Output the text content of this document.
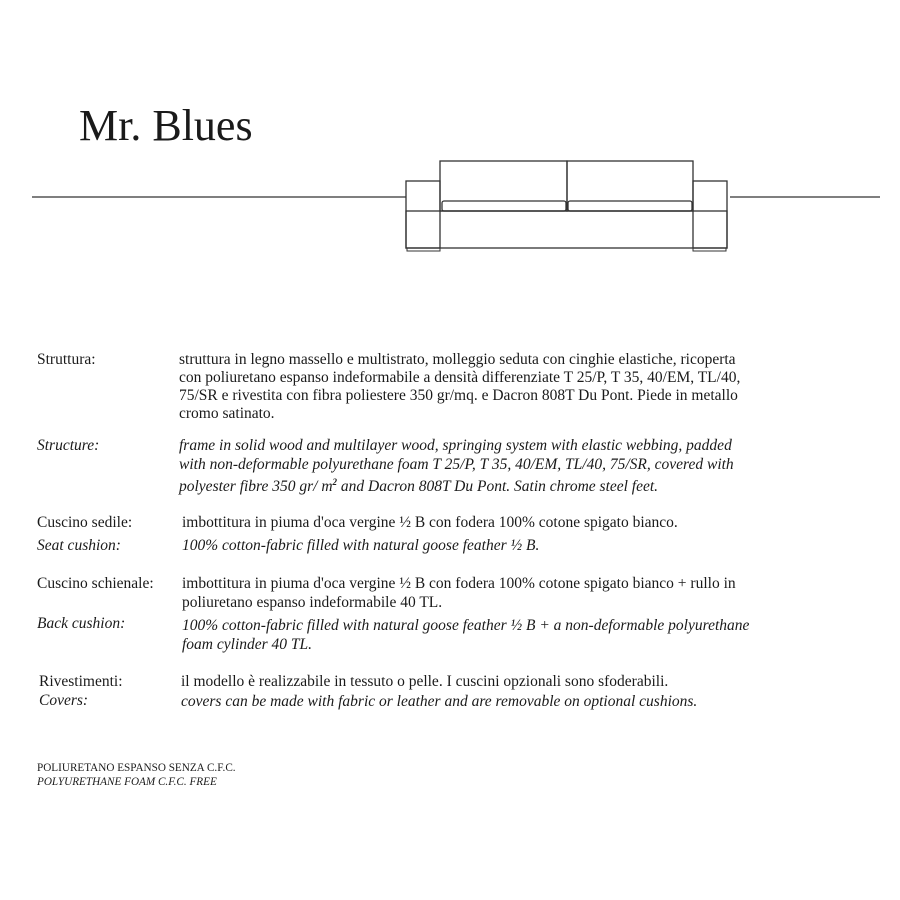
Mr. Blues
Struttura:	struttura in legno massello e multistrato, molleggio seduta con cinghie elastiche, ricoperta
con poliuretano espanso indeformabile a densità differenziate T 25/P, T 35, 40/EM, TL/40,
75/SR e rivestita con fibra poliestere 350 gr/mq. e Dacron 808T Du Pont. Piede in metallo
cromo satinato.
Structure:	frame in solid wood and multilayer wood, springing system with elastic webbing, padded
with non-deformable polyurethane foam T 25/P, T 35, 40/EM, TL/40, 75/SR, covered with
polyester fibre 350 gr/ $m^2$ and Dacron 808T Du Pont. Satin chrome steel feet.
Cuscino sedile:	imbottitura in piuma d'oca vergine ½ B con fodera 100% cotone spigato bianco.
Seat cushion:	100% cotton-fabric filled with natural goose feather ½ B.
Cuscino schienale: imbottitura in piuma d'oca vergine ½ B con fodera 100% cotone spigato bianco + rullo in
poliuretano espanso indeformabile 40 TL.
Back cushion:	100% cotton-fabric filled with natural goose feather ½ B + a non-deformable polyurethane
foam cylinder 40 TL.
Rivestimenti:	il modello è realizzabile in tessuto o pelle. I cuscini opzionali sono sfoderabili.
Covers:	covers can be made with fabric or leather and are removable on optional cushions.
POLIURETANO ESPANSO SENZA C.F.C.
POLYURETHANE FOAM C.F.C. FREE
